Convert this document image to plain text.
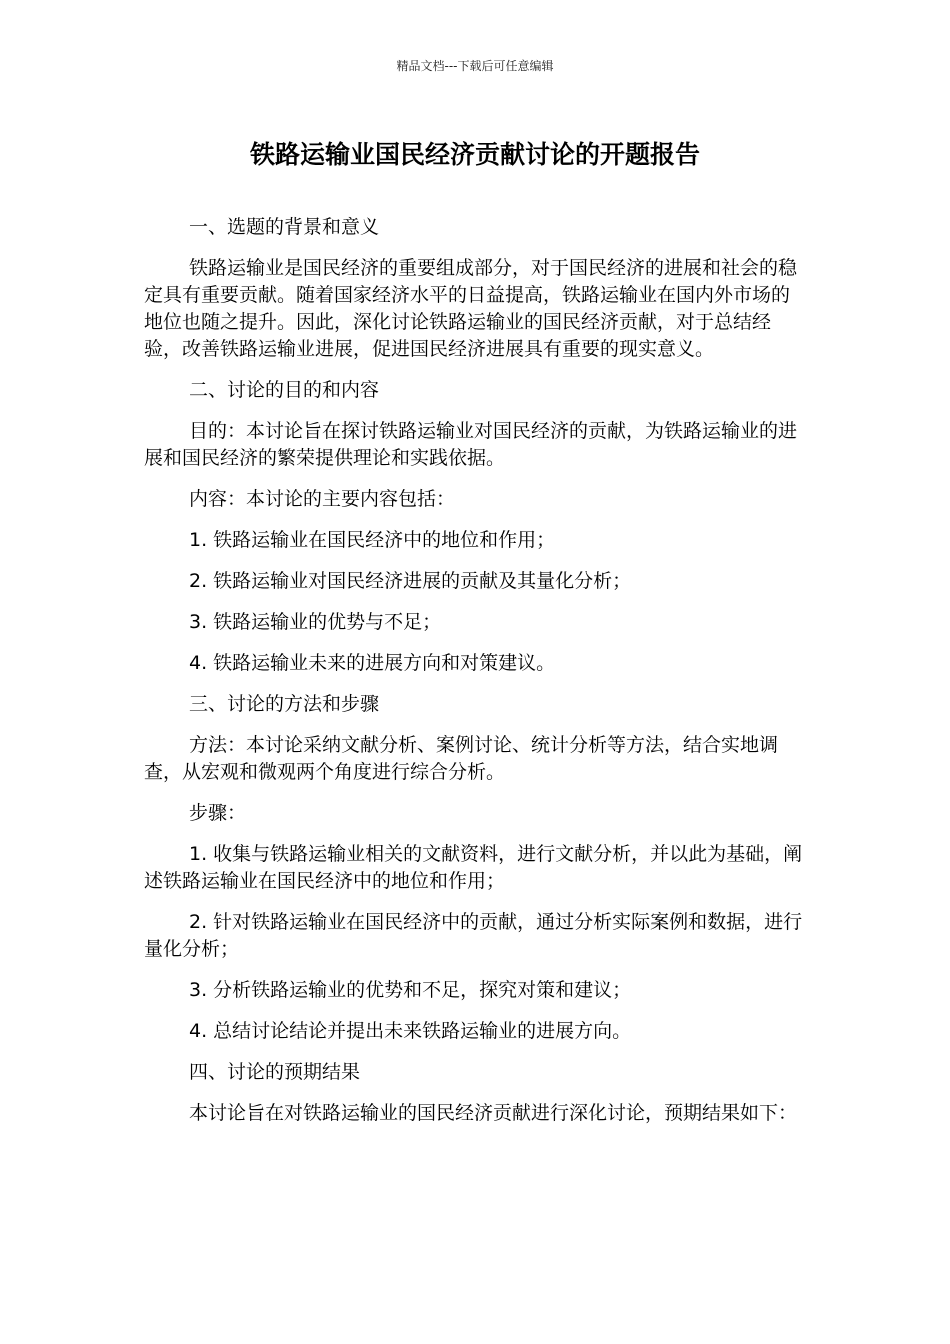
精品文档---下载后可任意编辑
铁路运输业国民经济贡献讨论的开题报告

一、选题的背景和意义

铁路运输业是国民经济的重要组成部分，对于国民经济的进展和社会的稳定具有重要贡献。随着国家经济水平的日益提高，铁路运输业在国内外市场的地位也随之提升。因此，深化讨论铁路运输业的国民经济贡献，对于总结经验，改善铁路运输业进展，促进国民经济进展具有重要的现实意义。

二、讨论的目的和内容

目的：本讨论旨在探讨铁路运输业对国民经济的贡献，为铁路运输业的进展和国民经济的繁荣提供理论和实践依据。

内容：本讨论的主要内容包括：

1. 铁路运输业在国民经济中的地位和作用；

2. 铁路运输业对国民经济进展的贡献及其量化分析；

3. 铁路运输业的优势与不足；

4. 铁路运输业未来的进展方向和对策建议。

三、讨论的方法和步骤

方法：本讨论采纳文献分析、案例讨论、统计分析等方法，结合实地调查，从宏观和微观两个角度进行综合分析。

步骤：

1. 收集与铁路运输业相关的文献资料，进行文献分析，并以此为基础，阐述铁路运输业在国民经济中的地位和作用；

2. 针对铁路运输业在国民经济中的贡献，通过分析实际案例和数据，进行量化分析；

3. 分析铁路运输业的优势和不足，探究对策和建议；

4. 总结讨论结论并提出未来铁路运输业的进展方向。

四、讨论的预期结果

本讨论旨在对铁路运输业的国民经济贡献进行深化讨论，预期结果如下：
